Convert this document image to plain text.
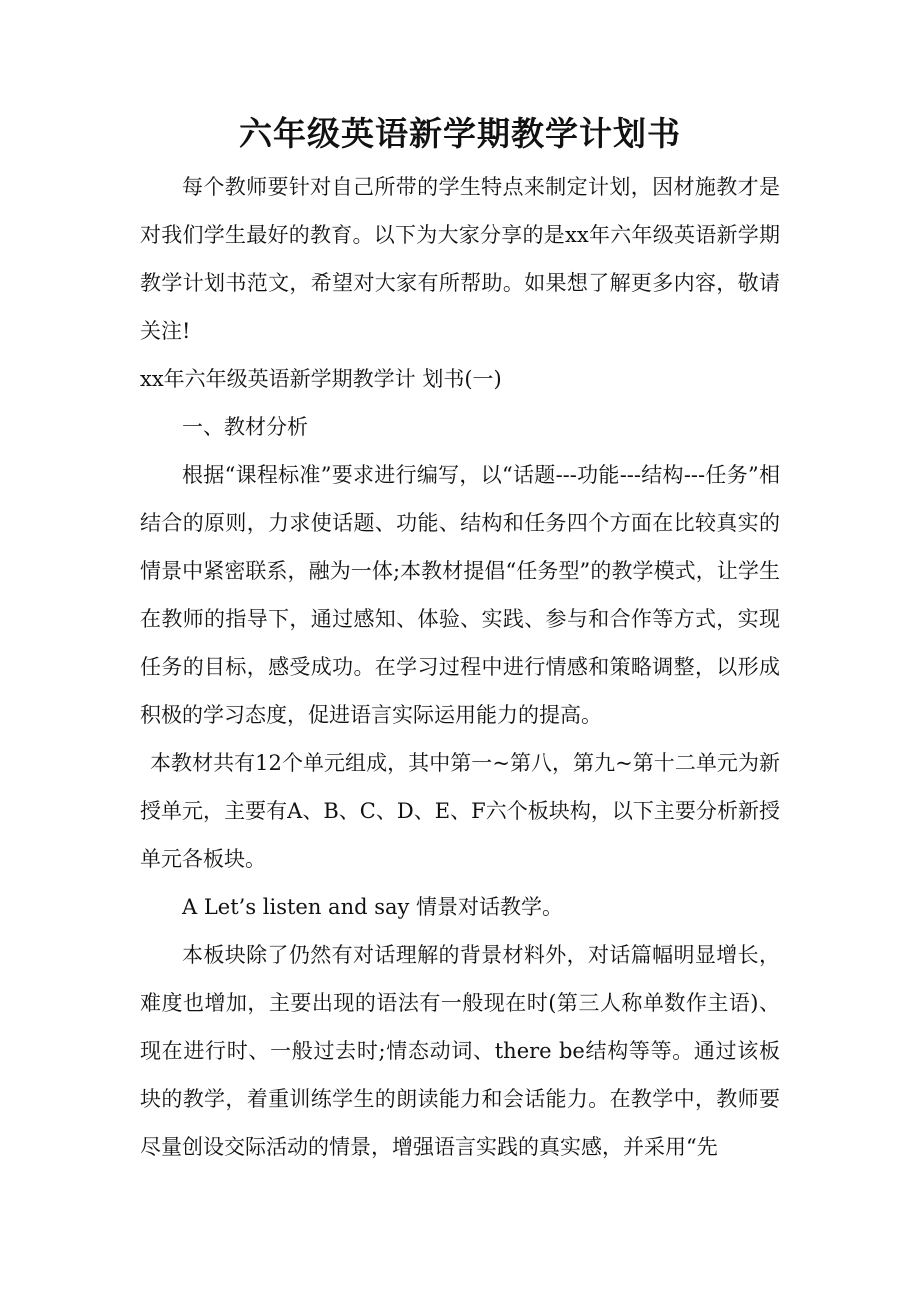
六年级英语新学期教学计划书

每个教师要针对自己所带的学生特点来制定计划，因材施教才是对我们学生最好的教育。以下为大家分享的是xx年六年级英语新学期教学计划书范文，希望对大家有所帮助。如果想了解更多内容，敬请关注!

xx年六年级英语新学期教学计 划书(一)

一、教材分析

根据“课程标准”要求进行编写，以“话题---功能---结构---任务”相结合的原则，力求使话题、功能、结构和任务四个方面在比较真实的情景中紧密联系，融为一体;本教材提倡“任务型”的教学模式，让学生在教师的指导下，通过感知、体验、实践、参与和合作等方式，实现任务的目标，感受成功。在学习过程中进行情感和策略调整，以形成积极的学习态度，促进语言实际运用能力的提高。

本教材共有12个单元组成，其中第一~第八，第九~第十二单元为新授单元，主要有A、B、C、D、E、F六个板块构，以下主要分析新授单元各板块。

A Let’s listen and say 情景对话教学。

本板块除了仍然有对话理解的背景材料外，对话篇幅明显增长，难度也增加，主要出现的语法有一般现在时(第三人称单数作主语)、现在进行时、一般过去时;情态动词、there be结构等等。通过该板块的教学，着重训练学生的朗读能力和会话能力。在教学中，教师要尽量创设交际活动的情景，增强语言实践的真实感，并采用“先
